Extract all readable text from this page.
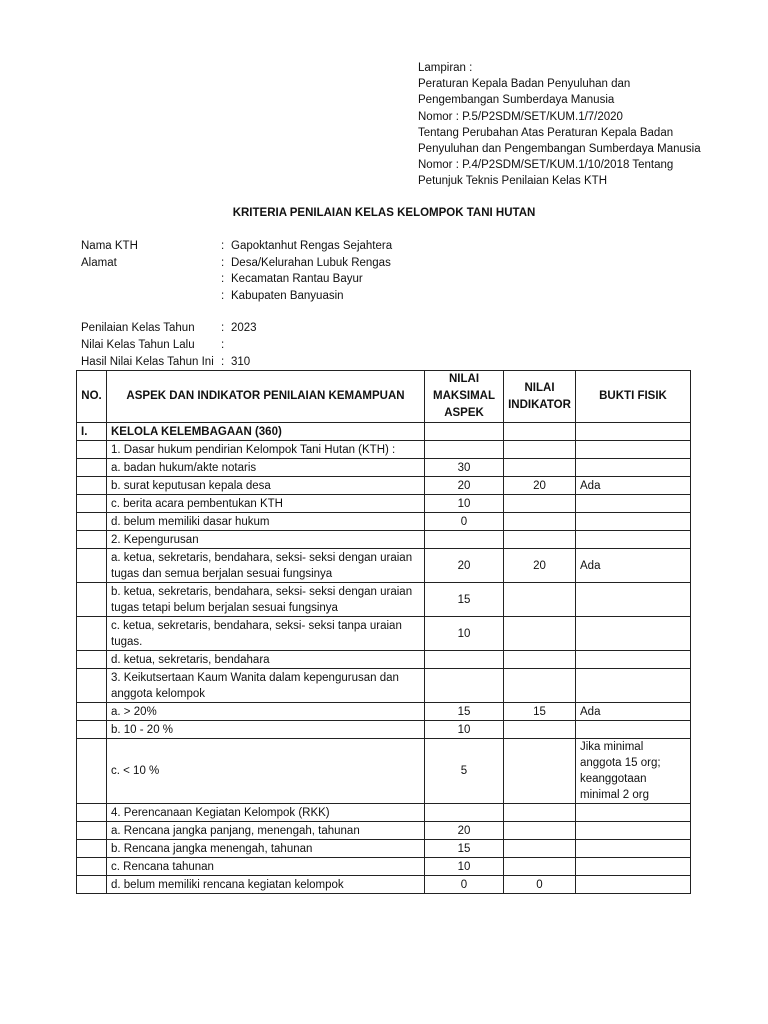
Lampiran :
Peraturan Kepala Badan Penyuluhan dan
Pengembangan Sumberdaya Manusia
Nomor : P.5/P2SDM/SET/KUM.1/7/2020
Tentang Perubahan Atas Peraturan Kepala Badan
Penyuluhan dan Pengembangan Sumberdaya Manusia
Nomor : P.4/P2SDM/SET/KUM.1/10/2018 Tentang
Petunjuk Teknis Penilaian Kelas KTH
KRITERIA PENILAIAN KELAS KELOMPOK TANI HUTAN
Nama KTH	: Gapoktanhut Rengas Sejahtera
Alamat	: Desa/Kelurahan Lubuk Rengas
: Kecamatan Rantau Bayur
: Kabupaten Banyuasin
Penilaian Kelas Tahun	: 2023
Nilai Kelas Tahun Lalu	:
Hasil Nilai Kelas Tahun Ini : 310
NO.	ASPEK DAN INDIKATOR PENILAIAN KEMAMPUAN	NILAI MAKSIMAL ASPEK	NILAI INDIKATOR	BUKTI FISIK
I.	KELOLA KELEMBAGAAN (360)			
	1. Dasar hukum pendirian Kelompok Tani Hutan (KTH) :			
	a. badan hukum/akte notaris	30		
	b. surat keputusan kepala desa	20	20	Ada
	c. berita acara pembentukan KTH	10		
	d. belum memiliki dasar hukum	0		
	2. Kepengurusan			
	a. ketua, sekretaris, bendahara, seksi- seksi dengan uraian tugas dan semua berjalan sesuai fungsinya	20	20	Ada
	b. ketua, sekretaris, bendahara, seksi- seksi dengan uraian tugas tetapi belum berjalan sesuai fungsinya	15		
	c. ketua, sekretaris, bendahara, seksi- seksi tanpa uraian tugas.	10		
	d. ketua, sekretaris, bendahara			
	3. Keikutsertaan Kaum Wanita dalam kepengurusan dan anggota kelompok			
	a. > 20%	15	15	Ada
	b. 10 - 20 %	10		
	c. < 10 %	5		Jika minimal anggota 15 org; keanggotaan minimal 2 org
	4. Perencanaan Kegiatan Kelompok (RKK)			
	a. Rencana jangka panjang, menengah, tahunan	20		
	b. Rencana jangka menengah, tahunan	15		
	c. Rencana tahunan	10		
	d. belum memiliki rencana kegiatan kelompok	0	0	
